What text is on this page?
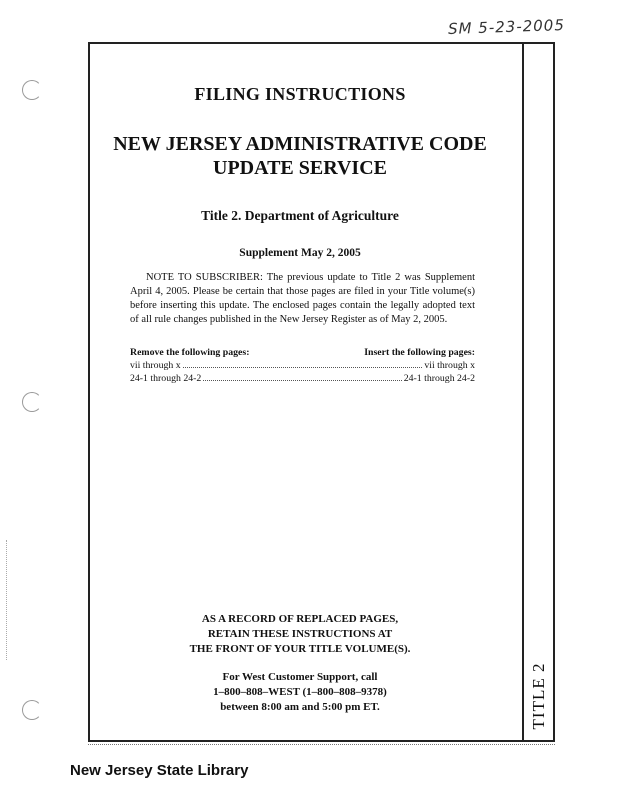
SM 5-23-2005
TITLE 2
FILING INSTRUCTIONS
NEW JERSEY ADMINISTRATIVE CODE
UPDATE SERVICE
Title 2. Department of Agriculture
Supplement May 2, 2005
NOTE TO SUBSCRIBER: The previous update to Title 2 was Supplement April 4, 2005. Please be certain that those pages are filed in your Title volume(s) before inserting this update. The enclosed pages contain the legally adopted text of all rule changes published in the New Jersey Register as of May 2, 2005.
Remove the following pages:	Insert the following pages:
vii through x	vii through x
24-1 through 24-2	24-1 through 24-2
AS A RECORD OF REPLACED PAGES,
RETAIN THESE INSTRUCTIONS AT
THE FRONT OF YOUR TITLE VOLUME(S).
For West Customer Support, call
1–800–808–WEST (1–800–808–9378)
between 8:00 am and 5:00 pm ET.
New Jersey State Library
